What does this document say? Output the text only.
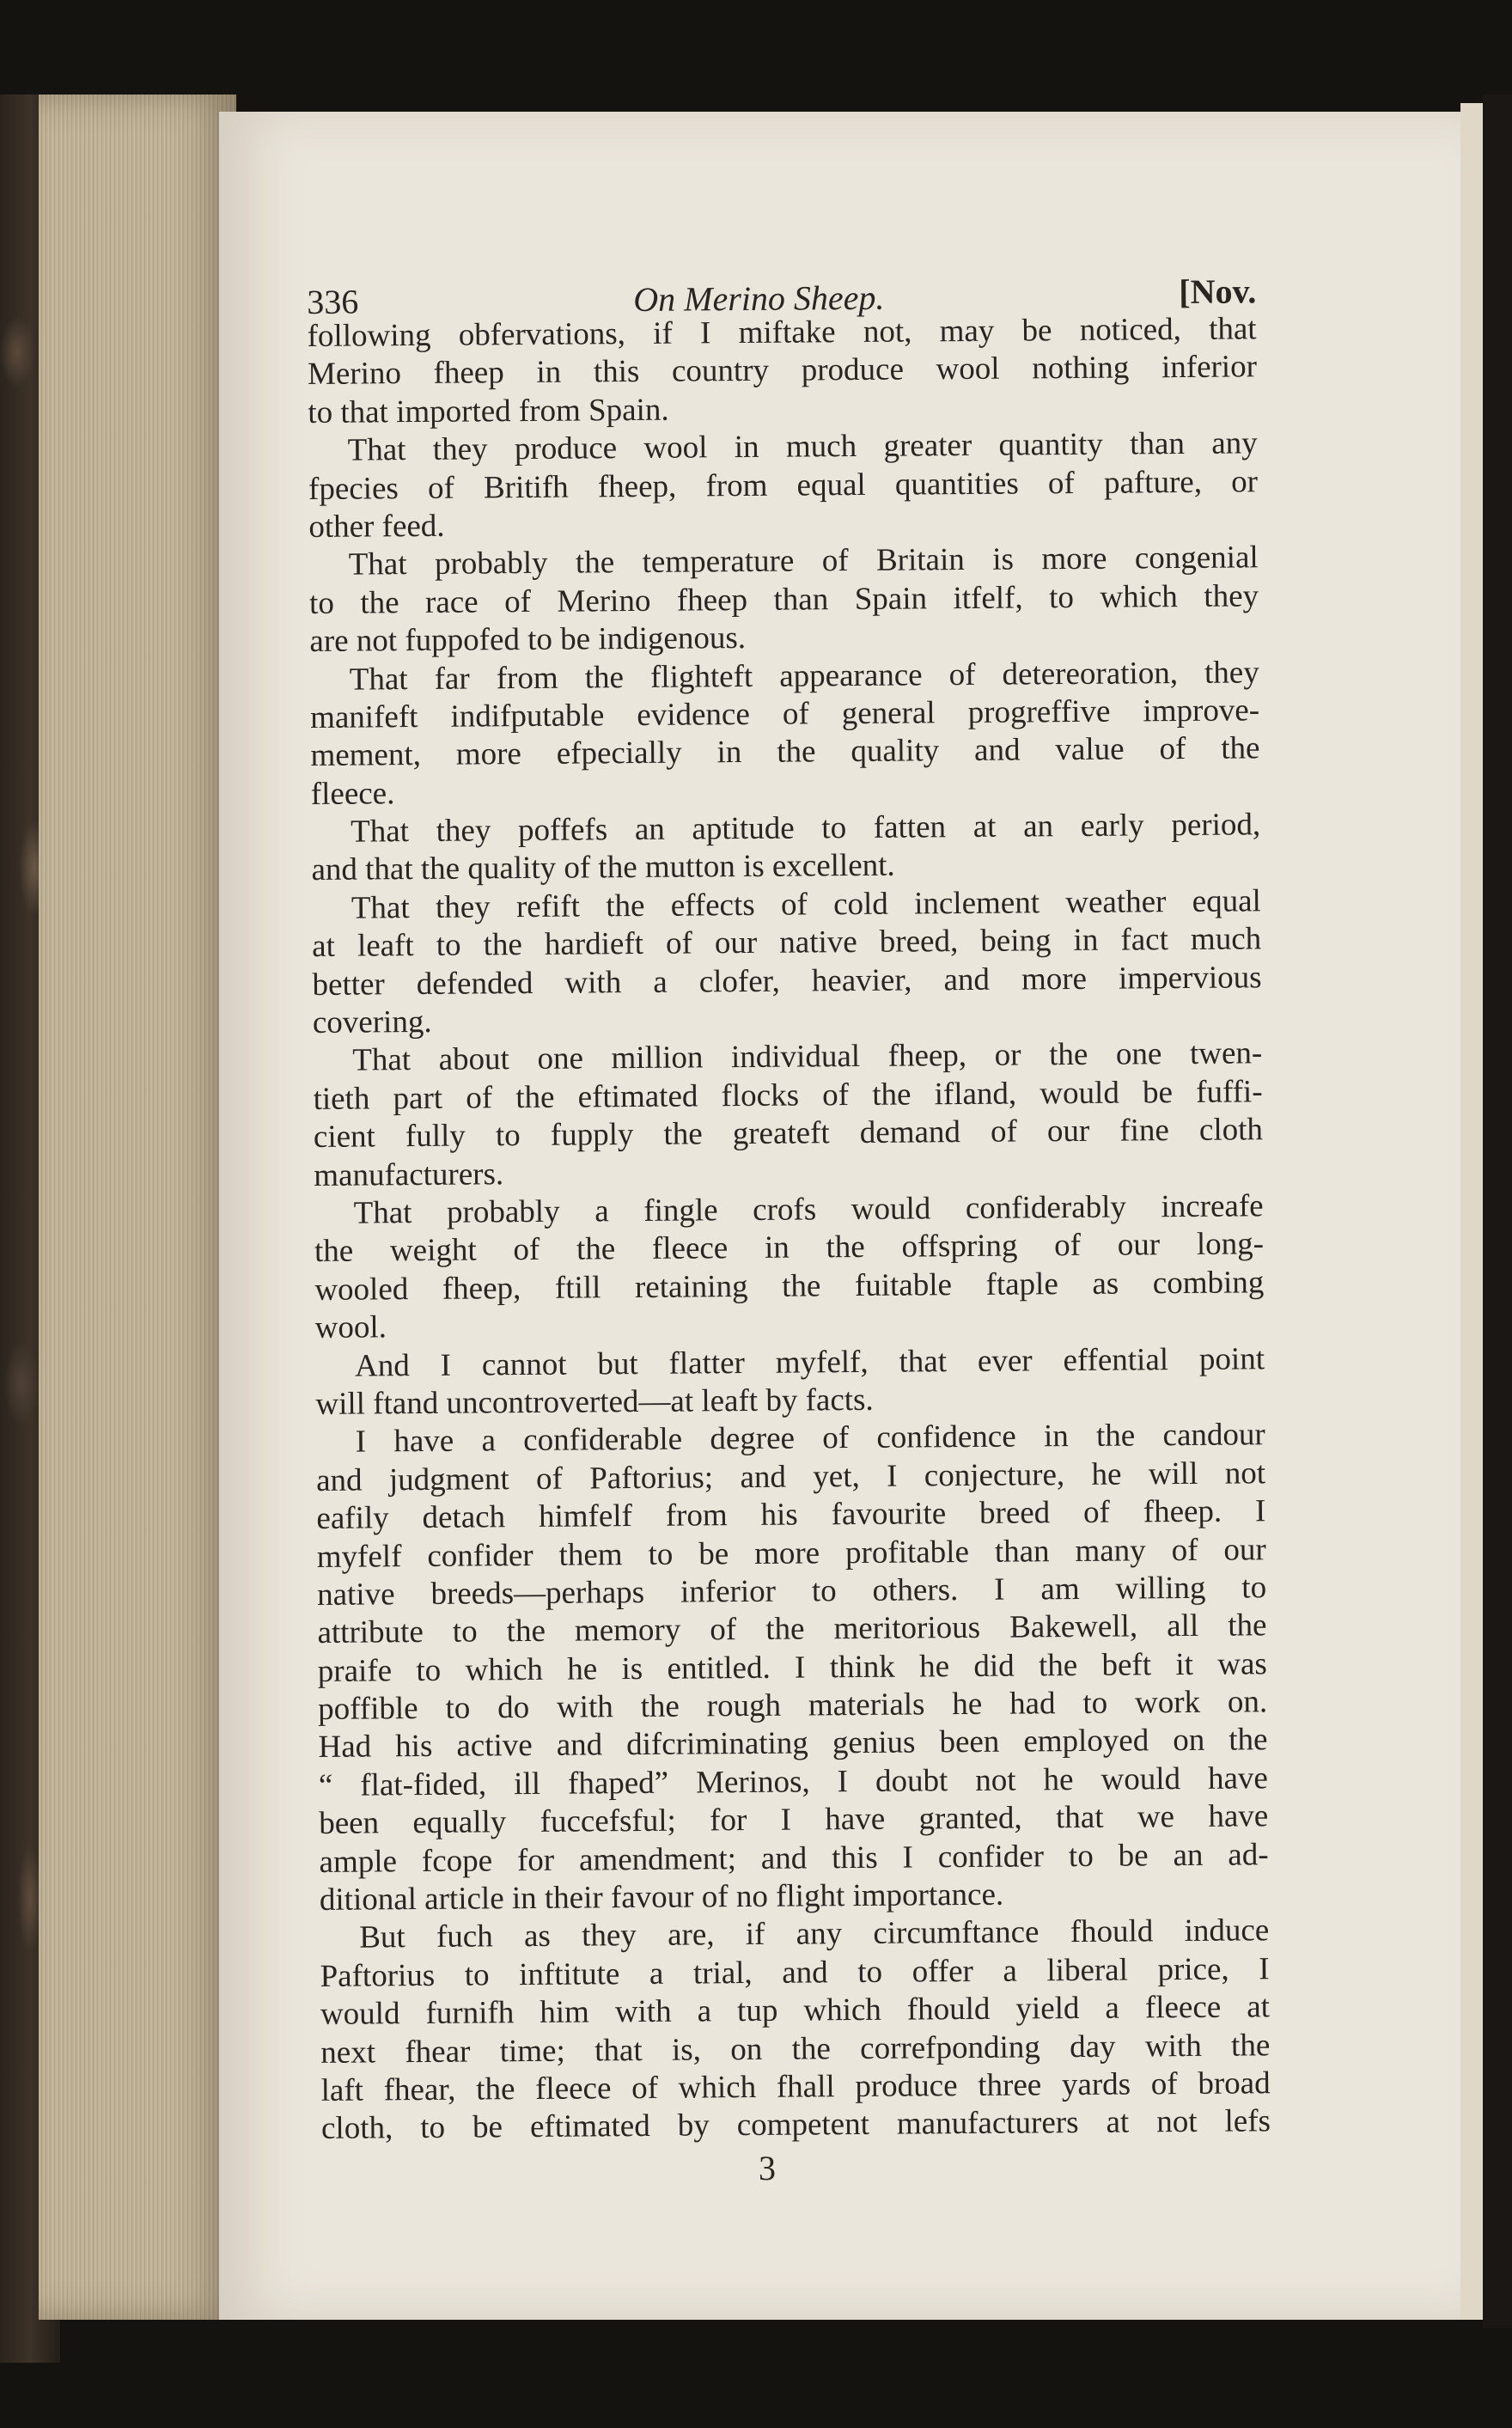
336	On Merino Sheep.	[Nov.
following obfervations, if I miftake not, may be noticed, that
Merino fheep in this country produce wool nothing inferior
to that imported from Spain.
That they produce wool in much greater quantity than any
fpecies of Britifh fheep, from equal quantities of pafture, or
other feed.
That probably the temperature of Britain is more congenial
to the race of Merino fheep than Spain itfelf, to which they
are not fuppofed to be indigenous.
That far from the flighteft appearance of detereoration, they
manifeft indifputable evidence of general progreffive improve-
mement, more efpecially in the quality and value of the
fleece.
That they poffefs an aptitude to fatten at an early period,
and that the quality of the mutton is excellent.
That they refift the effects of cold inclement weather equal
at leaft to the hardieft of our native breed, being in fact much
better defended with a clofer, heavier, and more impervious
covering.
That about one million individual fheep, or the one twen-
tieth part of the eftimated flocks of the ifland, would be fuffi-
cient fully to fupply the greateft demand of our fine cloth
manufacturers.
That probably a fingle crofs would confiderably increafe
the weight of the fleece in the offspring of our long-
wooled fheep, ftill retaining the fuitable ftaple as combing
wool.
And I cannot but flatter myfelf, that ever effential point
will ftand uncontroverted—at leaft by facts.
I have a confiderable degree of confidence in the candour
and judgment of Paftorius; and yet, I conjecture, he will not
eafily detach himfelf from his favourite breed of fheep. I
myfelf confider them to be more profitable than many of our
native breeds—perhaps inferior to others. I am willing to
attribute to the memory of the meritorious Bakewell, all the
praife to which he is entitled. I think he did the beft it was
poffible to do with the rough materials he had to work on.
Had his active and difcriminating genius been employed on the
“ flat-fided, ill fhaped” Merinos, I doubt not he would have
been equally fuccefsful; for I have granted, that we have
ample fcope for amendment; and this I confider to be an ad-
ditional article in their favour of no flight importance.
But fuch as they are, if any circumftance fhould induce
Paftorius to inftitute a trial, and to offer a liberal price, I
would furnifh him with a tup which fhould yield a fleece at
next fhear time; that is, on the correfponding day with the
laft fhear, the fleece of which fhall produce three yards of broad
cloth, to be eftimated by competent manufacturers at not lefs
3
